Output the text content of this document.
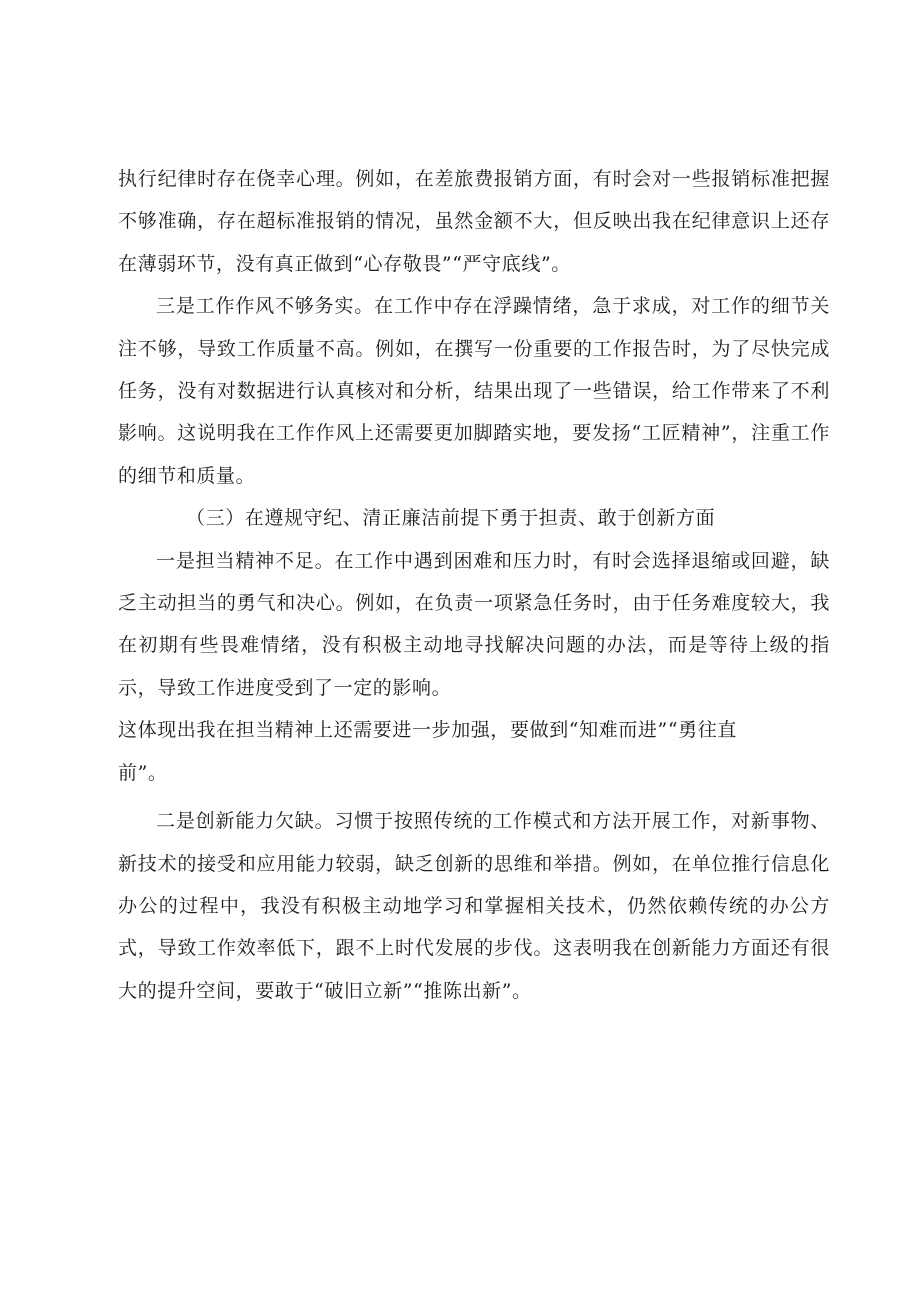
执行纪律时存在侥幸心理。例如，在差旅费报销方面，有时会对一些报销标准把握不够准确，存在超标准报销的情况，虽然金额不大，但反映出我在纪律意识上还存在薄弱环节，没有真正做到“心存敬畏”“严守底线”。

三是工作作风不够务实。在工作中存在浮躁情绪，急于求成，对工作的细节关注不够，导致工作质量不高。例如，在撰写一份重要的工作报告时，为了尽快完成任务，没有对数据进行认真核对和分析，结果出现了一些错误，给工作带来了不利影响。这说明我在工作作风上还需要更加脚踏实地，要发扬“工匠精神”，注重工作的细节和质量。

（三）在遵规守纪、清正廉洁前提下勇于担责、敢于创新方面

一是担当精神不足。在工作中遇到困难和压力时，有时会选择退缩或回避，缺乏主动担当的勇气和决心。例如，在负责一项紧急任务时，由于任务难度较大，我在初期有些畏难情绪，没有积极主动地寻找解决问题的办法，而是等待上级的指示，导致工作进度受到了一定的影响。

这体现出我在担当精神上还需要进一步加强，要做到“知难而进”“勇往直前”。

二是创新能力欠缺。习惯于按照传统的工作模式和方法开展工作，对新事物、新技术的接受和应用能力较弱，缺乏创新的思维和举措。例如，在单位推行信息化办公的过程中，我没有积极主动地学习和掌握相关技术，仍然依赖传统的办公方式，导致工作效率低下，跟不上时代发展的步伐。这表明我在创新能力方面还有很大的提升空间，要敢于“破旧立新”“推陈出新”。
